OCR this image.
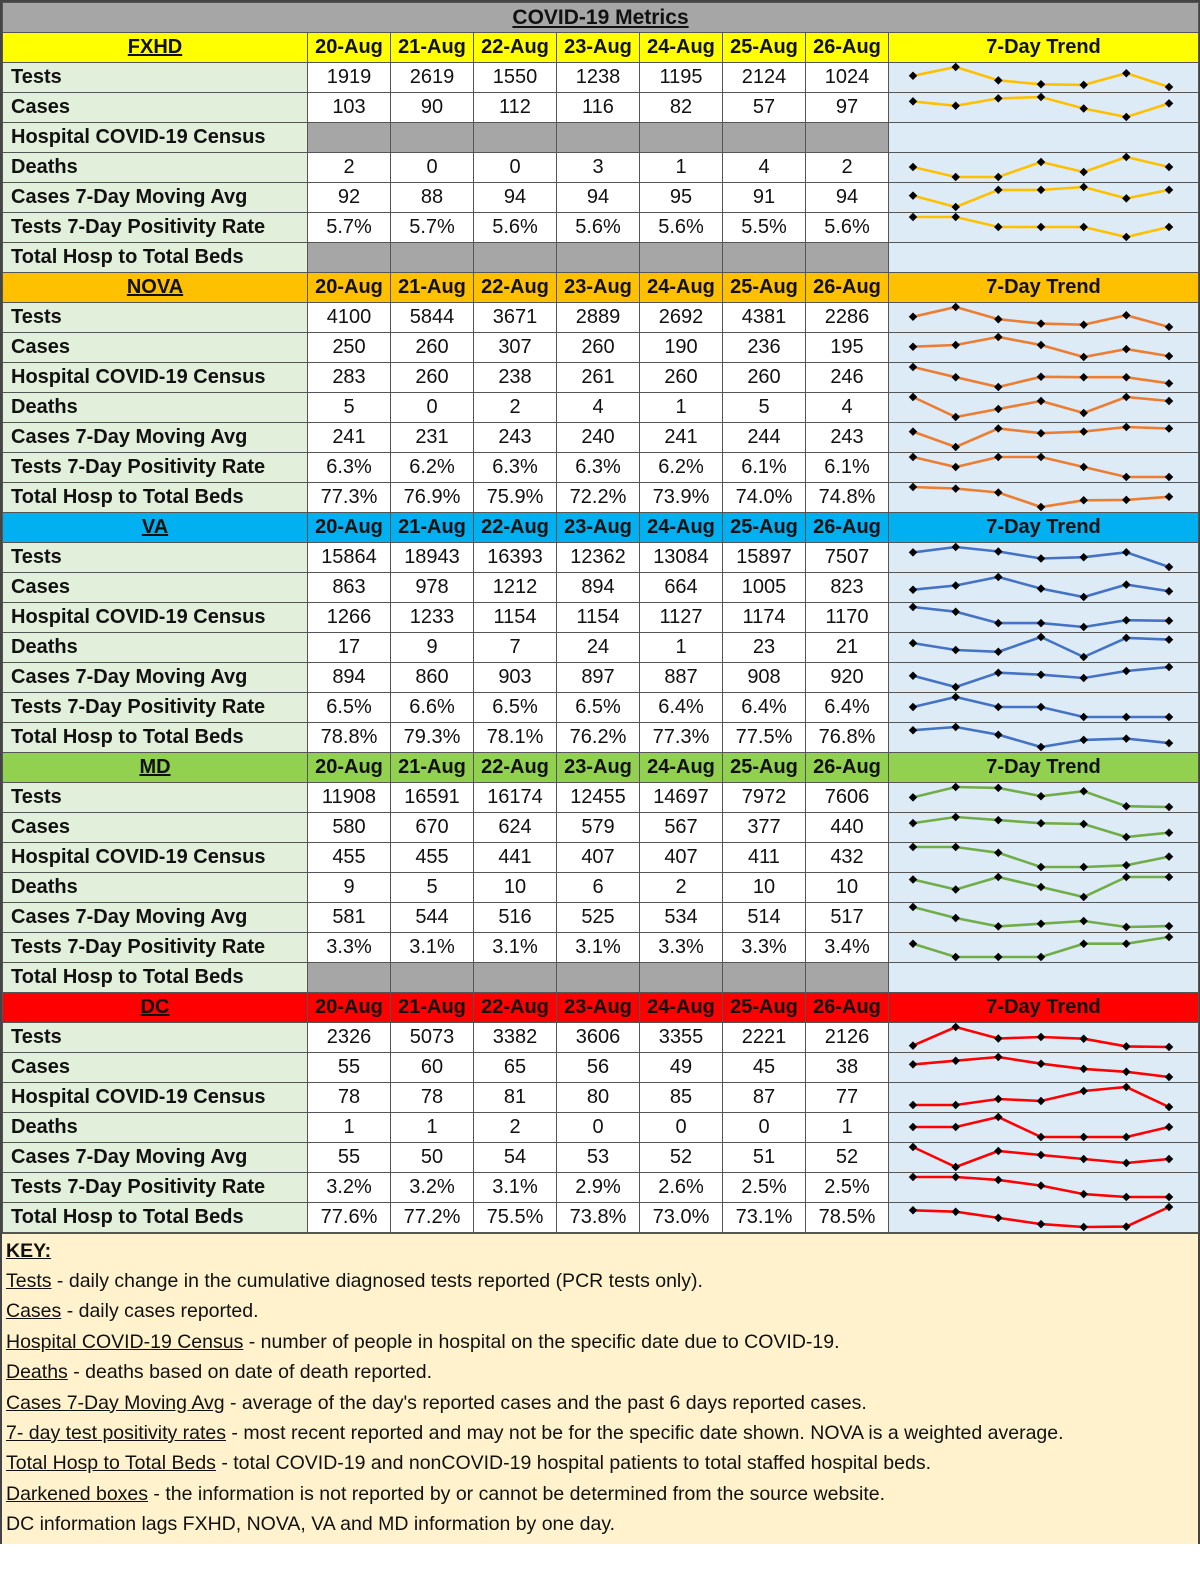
COVID-19 Metrics								
FXHD	20-Aug	21-Aug	22-Aug	23-Aug	24-Aug	25-Aug	26-Aug	7-Day Trend
Tests	1919	2619	1550	1238	1195	2124	1024	

Cases	103	90	112	116	82	57	97	

Hospital COVID-19 Census								
Deaths	2	0	0	3	1	4	2	

Cases 7-Day Moving Avg	92	88	94	94	95	91	94	

Tests 7-Day Positivity Rate	5.7%	5.7%	5.6%	5.6%	5.6%	5.5%	5.6%	

Total Hosp to Total Beds								
NOVA	20-Aug	21-Aug	22-Aug	23-Aug	24-Aug	25-Aug	26-Aug	7-Day Trend
Tests	4100	5844	3671	2889	2692	4381	2286	

Cases	250	260	307	260	190	236	195	

Hospital COVID-19 Census	283	260	238	261	260	260	246	

Deaths	5	0	2	4	1	5	4	

Cases 7-Day Moving Avg	241	231	243	240	241	244	243	

Tests 7-Day Positivity Rate	6.3%	6.2%	6.3%	6.3%	6.2%	6.1%	6.1%	

Total Hosp to Total Beds	77.3%	76.9%	75.9%	72.2%	73.9%	74.0%	74.8%	

VA	20-Aug	21-Aug	22-Aug	23-Aug	24-Aug	25-Aug	26-Aug	7-Day Trend
Tests	15864	18943	16393	12362	13084	15897	7507	

Cases	863	978	1212	894	664	1005	823	

Hospital COVID-19 Census	1266	1233	1154	1154	1127	1174	1170	

Deaths	17	9	7	24	1	23	21	

Cases 7-Day Moving Avg	894	860	903	897	887	908	920	

Tests 7-Day Positivity Rate	6.5%	6.6%	6.5%	6.5%	6.4%	6.4%	6.4%	

Total Hosp to Total Beds	78.8%	79.3%	78.1%	76.2%	77.3%	77.5%	76.8%	

MD	20-Aug	21-Aug	22-Aug	23-Aug	24-Aug	25-Aug	26-Aug	7-Day Trend
Tests	11908	16591	16174	12455	14697	7972	7606	

Cases	580	670	624	579	567	377	440	

Hospital COVID-19 Census	455	455	441	407	407	411	432	

Deaths	9	5	10	6	2	10	10	

Cases 7-Day Moving Avg	581	544	516	525	534	514	517	

Tests 7-Day Positivity Rate	3.3%	3.1%	3.1%	3.1%	3.3%	3.3%	3.4%	

Total Hosp to Total Beds								
DC	20-Aug	21-Aug	22-Aug	23-Aug	24-Aug	25-Aug	26-Aug	7-Day Trend
Tests	2326	5073	3382	3606	3355	2221	2126	

Cases	55	60	65	56	49	45	38	

Hospital COVID-19 Census	78	78	81	80	85	87	77	

Deaths	1	1	2	0	0	0	1	

Cases 7-Day Moving Avg	55	50	54	53	52	51	52	

Tests 7-Day Positivity Rate	3.2%	3.2%	3.1%	2.9%	2.6%	2.5%	2.5%	

Total Hosp to Total Beds	77.6%	77.2%	75.5%	73.8%	73.0%	73.1%	78.5%	
KEY:
Tests - daily change in the cumulative diagnosed tests reported (PCR tests only).
Cases - daily cases reported.
Hospital COVID-19 Census - number of people in hospital on the specific date due to COVID-19.
Deaths - deaths based on date of death reported.
Cases 7-Day Moving Avg - average of the day's reported cases and the past 6 days reported cases.
7- day test positivity rates - most recent reported and may not be for the specific date shown. NOVA is a weighted average.
Total Hosp to Total Beds - total COVID-19 and nonCOVID-19 hospital patients to total staffed hospital beds.
Darkened boxes - the information is not reported by or cannot be determined from the source website.
DC information lags FXHD, NOVA, VA and MD information by one day.
